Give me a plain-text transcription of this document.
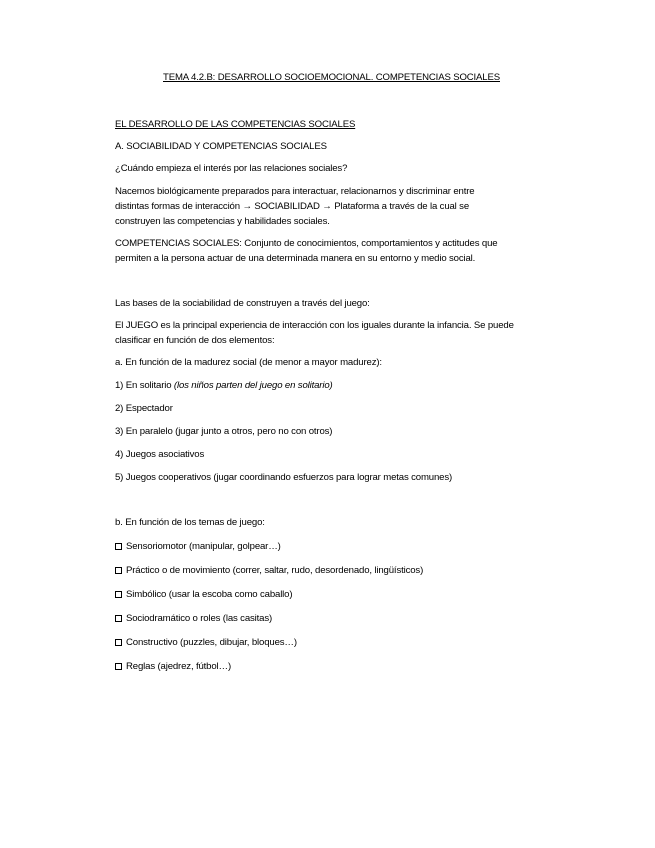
TEMA 4.2.B: DESARROLLO SOCIOEMOCIONAL. COMPETENCIAS SOCIALES
EL DESARROLLO DE LAS COMPETENCIAS SOCIALES
A. SOCIABILIDAD Y COMPETENCIAS SOCIALES
¿Cuándo empieza el interés por las relaciones sociales?
Nacemos biológicamente preparados para interactuar, relacionarnos y discriminar entre
distintas formas de interacción → SOCIABILIDAD → Plataforma a través de la cual se
construyen las competencias y habilidades sociales.
COMPETENCIAS SOCIALES: Conjunto de conocimientos, comportamientos y actitudes que
permiten a la persona actuar de una determinada manera en su entorno y medio social.
Las bases de la sociabilidad de construyen a través del juego:
El JUEGO es la principal experiencia de interacción con los iguales durante la infancia. Se puede
clasificar en función de dos elementos:
a. En función de la madurez social (de menor a mayor madurez):
1) En solitario (los niños parten del juego en solitario)
2) Espectador
3) En paralelo (jugar junto a otros, pero no con otros)
4) Juegos asociativos
5) Juegos cooperativos (jugar coordinando esfuerzos para lograr metas comunes)
b. En función de los temas de juego:
Sensoriomotor (manipular, golpear…)
Práctico o de movimiento (correr, saltar, rudo, desordenado, lingüísticos)
Simbólico (usar la escoba como caballo)
Sociodramático o roles (las casitas)
Constructivo (puzzles, dibujar, bloques…)
Reglas (ajedrez, fútbol…)
